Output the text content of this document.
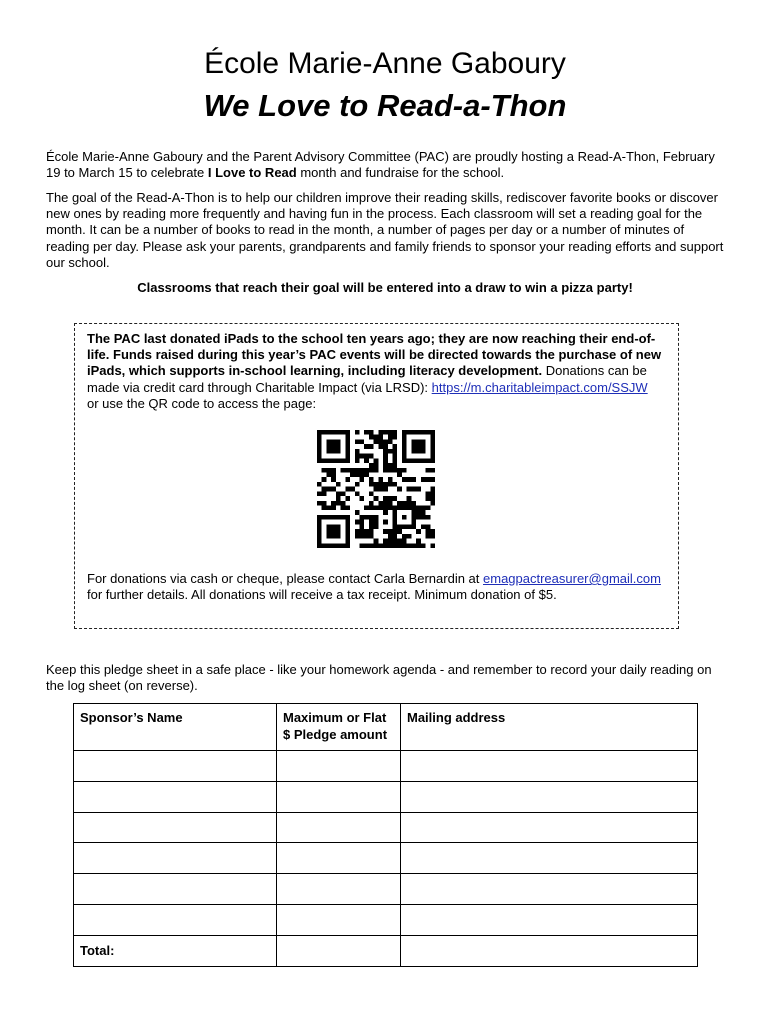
École Marie-Anne Gaboury
We Love to Read-a-Thon

École Marie-Anne Gaboury and the Parent Advisory Committee (PAC) are proudly hosting a Read-A-Thon, February 19 to March 15 to celebrate I Love to Read month and fundraise for the school.

The goal of the Read-A-Thon is to help our children improve their reading skills, rediscover favorite books or discover new ones by reading more frequently and having fun in the process. Each classroom will set a reading goal for the month. It can be a number of books to read in the month, a number of pages per day or a number of minutes of reading per day. Please ask your parents, grandparents and family friends to sponsor your reading efforts and support our school.

Classrooms that reach their goal will be entered into a draw to win a pizza party!

The PAC last donated iPads to the school ten years ago; they are now reaching their end-of-life. Funds raised during this year’s PAC events will be directed towards the purchase of new iPads, which supports in-school learning, including literacy development. Donations can be made via credit card through Charitable Impact (via LRSD): https://m.charitableimpact.com/SSJW or use the QR code to access the page:

For donations via cash or cheque, please contact Carla Bernardin at emagpactreasurer@gmail.com for further details. All donations will receive a tax receipt. Minimum donation of $5.

Keep this pledge sheet in a safe place - like your homework agenda - and remember to record your daily reading on the log sheet (on reverse).

Sponsor’s Name	Maximum or Flat $ Pledge amount	Mailing address

Total:		
